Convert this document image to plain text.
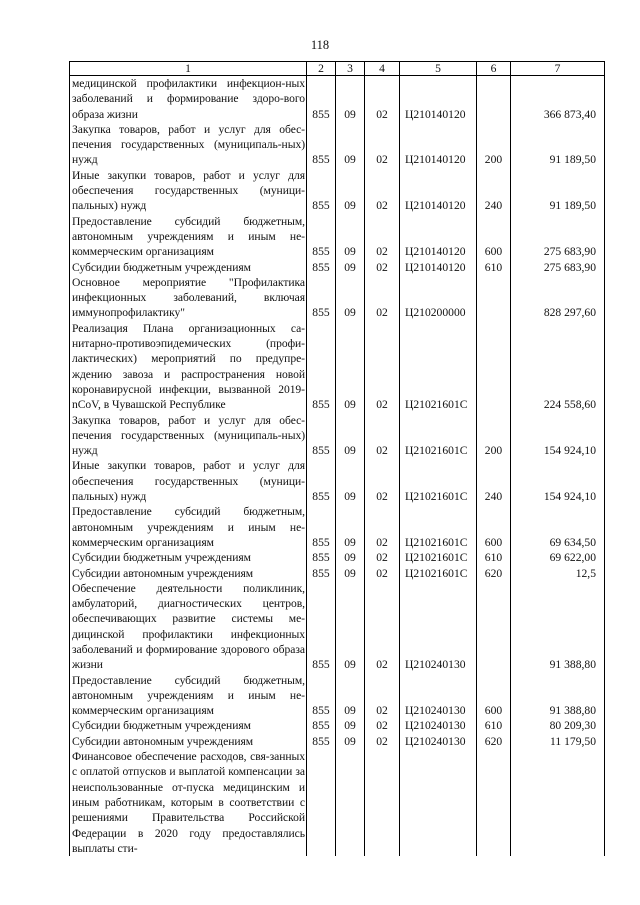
118
1	2	3	4	5	6	7
медицинской профилактики инфекцион-ных заболеваний и формирование здоро-вого образа жизни	855	09	02	Ц210140120		366 873,40
Закупка товаров, работ и услуг для обес-печения государственных (муниципаль-ных) нужд	855	09	02	Ц210140120	200	91 189,50
Иные закупки товаров, работ и услуг для обеспечения государственных (муници-пальных) нужд	855	09	02	Ц210140120	240	91 189,50
Предоставление субсидий бюджетным, автономным учреждениям и иным не-коммерческим организациям	855	09	02	Ц210140120	600	275 683,90
Субсидии бюджетным учреждениям	855	09	02	Ц210140120	610	275 683,90
Основное мероприятие "Профилактика инфекционных заболеваний, включая иммунопрофилактику"	855	09	02	Ц210200000		828 297,60
Реализация Плана организационных са-нитарно-противоэпидемических (профи-лактических) мероприятий по предупре-ждению завоза и распространения новой коронавирусной инфекции, вызванной 2019-nCoV, в Чувашской Республике	855	09	02	Ц21021601С		224 558,60
Закупка товаров, работ и услуг для обес-печения государственных (муниципаль-ных) нужд	855	09	02	Ц21021601С	200	154 924,10
Иные закупки товаров, работ и услуг для обеспечения государственных (муници-пальных) нужд	855	09	02	Ц21021601С	240	154 924,10
Предоставление субсидий бюджетным, автономным учреждениям и иным не-коммерческим организациям	855	09	02	Ц21021601С	600	69 634,50
Субсидии бюджетным учреждениям	855	09	02	Ц21021601С	610	69 622,00
Субсидии автономным учреждениям	855	09	02	Ц21021601С	620	12,5
Обеспечение деятельности поликлиник, амбулаторий, диагностических центров, обеспечивающих развитие системы ме-дицинской профилактики инфекционных заболеваний и формирование здорового образа жизни	855	09	02	Ц210240130		91 388,80
Предоставление субсидий бюджетным, автономным учреждениям и иным не-коммерческим организациям	855	09	02	Ц210240130	600	91 388,80
Субсидии бюджетным учреждениям	855	09	02	Ц210240130	610	80 209,30
Субсидии автономным учреждениям	855	09	02	Ц210240130	620	11 179,50
Финансовое обеспечение расходов, свя-занных с оплатой отпусков и выплатой компенсации за неиспользованные от-пуска медицинским и иным работникам, которым в соответствии с решениями Правительства Российской Федерации в 2020 году предоставлялись выплаты сти-						
